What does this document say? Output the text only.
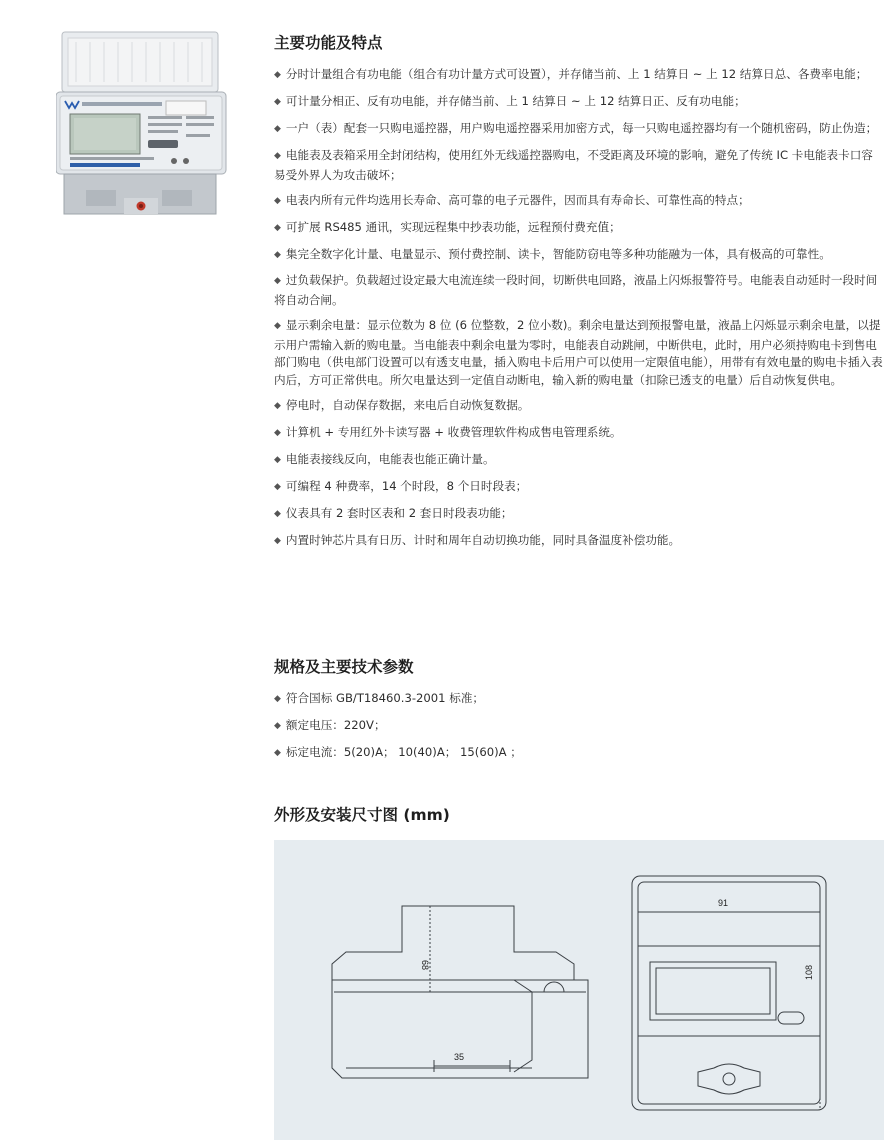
主要功能及特点

◆ 分时计量组合有功电能（组合有功计量方式可设置），并存储当前、上 1 结算日 ~ 上 12 结算日总、各费率电能；

◆ 可计量分相正、反有功电能，并存储当前、上 1 结算日 ~ 上 12 结算日正、反有功电能；

◆ 一户（表）配套一只购电遥控器，用户购电遥控器采用加密方式，每一只购电遥控器均有一个随机密码，防止伪造；

◆ 电能表及表箱采用全封闭结构，使用红外无线遥控器购电，不受距离及环境的影响，避免了传统 IC 卡电能表卡口容易受外界人为攻击破坏；

◆ 电表内所有元件均选用长寿命、高可靠的电子元器件，因而具有寿命长、可靠性高的特点；

◆ 可扩展 RS485 通讯，实现远程集中抄表功能，远程预付费充值；

◆ 集完全数字化计量、电量显示、预付费控制、读卡，智能防窃电等多种功能融为一体，具有极高的可靠性。

◆ 过负载保护。负载超过设定最大电流连续一段时间，切断供电回路，液晶上闪烁报警符号。电能表自动延时一段时间将自动合闸。

◆ 显示剩余电量：显示位数为 8 位 (6 位整数，2 位小数)。剩余电量达到预报警电量，液晶上闪烁显示剩余电量，以提示用户需输入新的购电量。当电能表中剩余电量为零时，电能表自动跳闸，中断供电，此时，用户必须持购电卡到售电部门购电（供电部门设置可以有透支电量，插入购电卡后用户可以使用一定限值电能），用带有有效电量的购电卡插入表内后，方可正常供电。所欠电量达到一定值自动断电，输入新的购电量（扣除已透支的电量）后自动恢复供电。

◆ 停电时，自动保存数据，来电后自动恢复数据。

◆ 计算机 + 专用红外卡读写器 + 收费管理软件构成售电管理系统。

◆ 电能表接线反向，电能表也能正确计量。

◆ 可编程 4 种费率，14 个时段，8 个日时段表；

◆ 仪表具有 2 套时区表和 2 套日时段表功能；

◆ 内置时钟芯片具有日历、计时和周年自动切换功能，同时具备温度补偿功能。

规格及主要技术参数

◆ 符合国标 GB/T18460.3-2001 标准；

◆ 额定电压：220V；

◆ 标定电流：5(20)A； 10(40)A； 15(60)A ；

外形及安装尺寸图 (mm)
68
35
91
108
